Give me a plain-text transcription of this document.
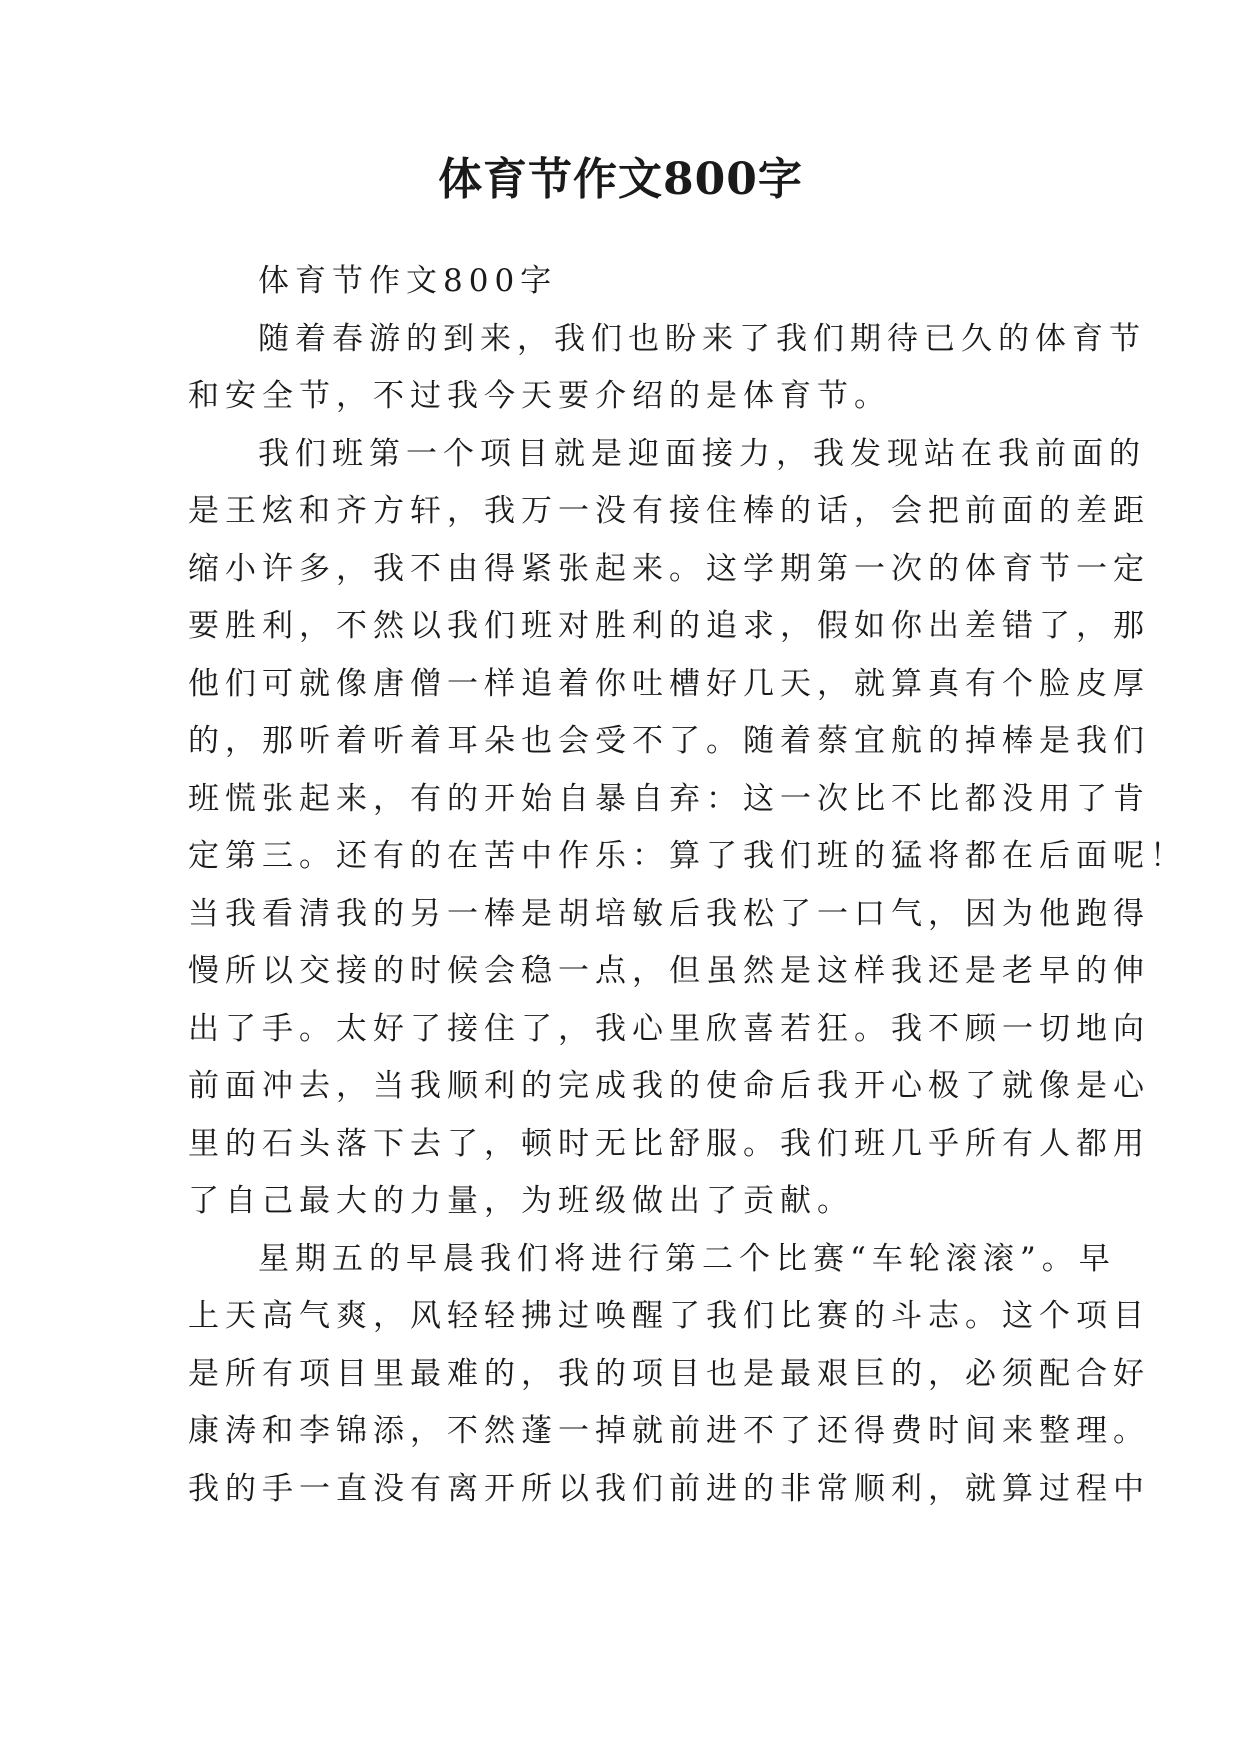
体育节作文800字
体育节作文800字
随着春游的到来，我们也盼来了我们期待已久的体育节
和安全节，不过我今天要介绍的是体育节。
我们班第一个项目就是迎面接力，我发现站在我前面的
是王炫和齐方轩，我万一没有接住棒的话，会把前面的差距
缩小许多，我不由得紧张起来。这学期第一次的体育节一定
要胜利，不然以我们班对胜利的追求，假如你出差错了，那
他们可就像唐僧一样追着你吐槽好几天，就算真有个脸皮厚
的，那听着听着耳朵也会受不了。随着蔡宜航的掉棒是我们
班慌张起来，有的开始自暴自弃：这一次比不比都没用了肯
定第三。还有的在苦中作乐：算了我们班的猛将都在后面呢！
当我看清我的另一棒是胡培敏后我松了一口气，因为他跑得
慢所以交接的时候会稳一点，但虽然是这样我还是老早的伸
出了手。太好了接住了，我心里欣喜若狂。我不顾一切地向
前面冲去，当我顺利的完成我的使命后我开心极了就像是心
里的石头落下去了，顿时无比舒服。我们班几乎所有人都用
了自己最大的力量，为班级做出了贡献。
星期五的早晨我们将进行第二个比赛“车轮滚滚”。早
上天高气爽，风轻轻拂过唤醒了我们比赛的斗志。这个项目
是所有项目里最难的，我的项目也是最艰巨的，必须配合好
康涛和李锦添，不然蓬一掉就前进不了还得费时间来整理。
我的手一直没有离开所以我们前进的非常顺利，就算过程中
